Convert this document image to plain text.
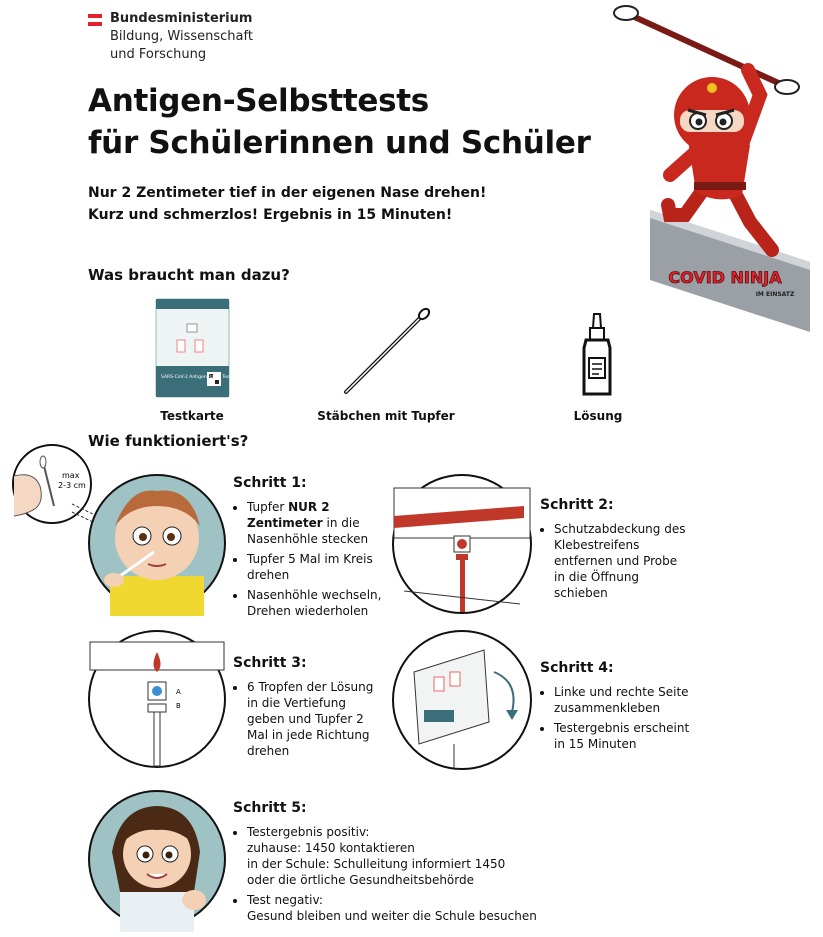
Bundesministerium
Bildung, Wissenschaft
und Forschung
Antigen-Selbsttests
für Schülerinnen und Schüler
Nur 2 Zentimeter tief in der eigenen Nase drehen!
Kurz und schmerzlos! Ergebnis in 15 Minuten!
COVID NINJA
IM EINSATZ
Was braucht man dazu?
SARS-CoV-2 Antigen Rapid Test Kit
Testkarte	Stäbchen mit Tupfer	Lösung
Wie funktioniert's?
max
2-3 cm	Schritt 1:
• Tupfer NUR 2 Zentimeter in die Nasenhöhle stecken
• Tupfer 5 Mal im Kreis drehen
• Nasenhöhle wechseln, Drehen wiederholen
Schritt 2:
• Schutzabdeckung des Klebestreifens entfernen und Probe in die Öffnung schieben
A
B
Schritt 3:
• 6 Tropfen der Lösung in die Vertiefung geben und Tupfer 2 Mal in jede Richtung drehen
Schritt 4:
• Linke und rechte Seite zusammenkleben
• Testergebnis erscheint in 15 Minuten
Schritt 5:
• Testergebnis positiv:
zuhause: 1450 kontaktieren
in der Schule: Schulleitung informiert 1450
oder die örtliche Gesundheitsbehörde
• Test negativ:
Gesund bleiben und weiter die Schule besuchen
